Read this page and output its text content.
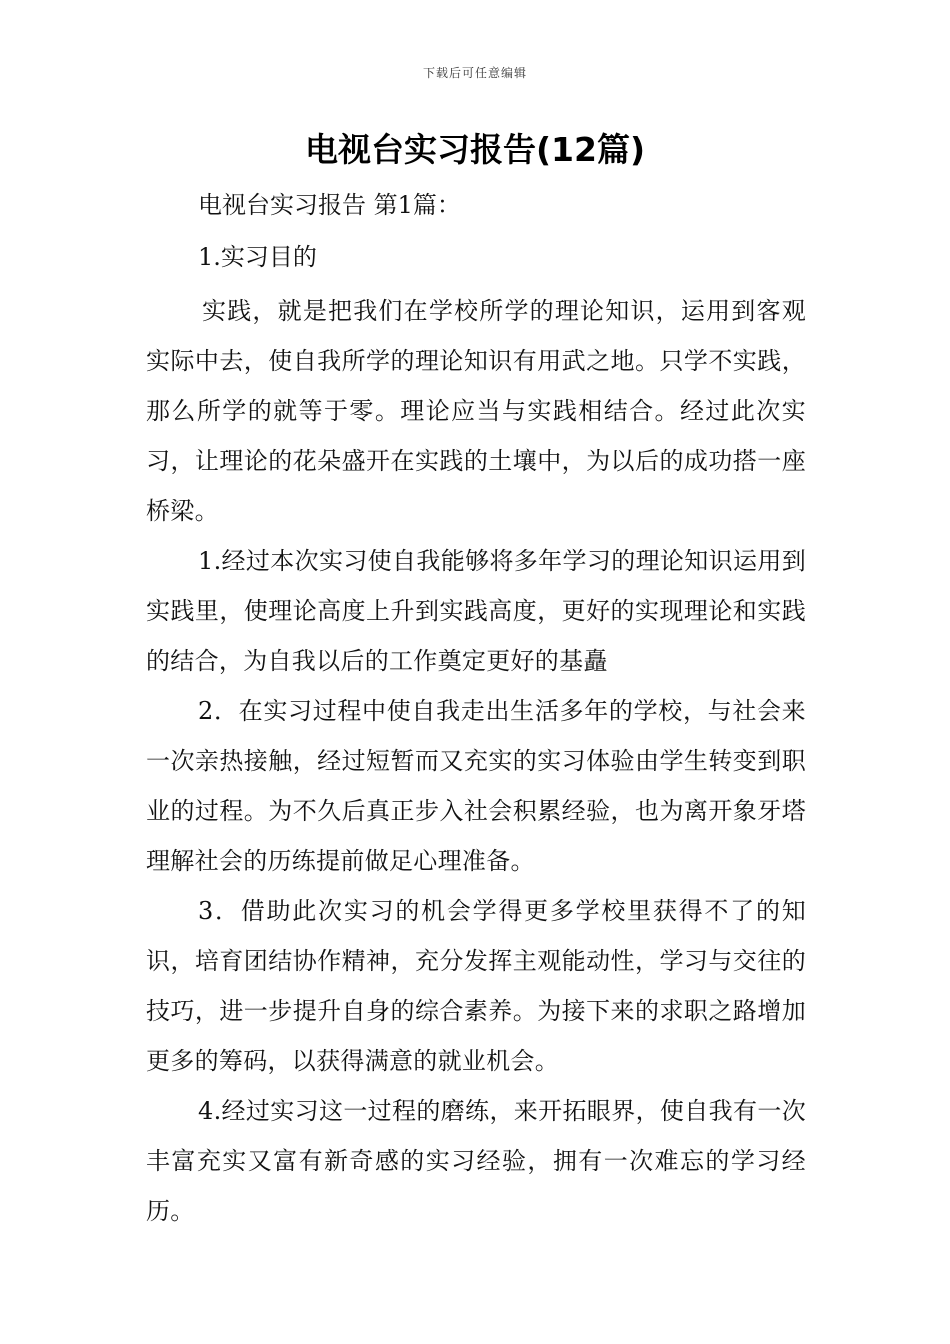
下载后可任意编辑
电视台实习报告(12篇)

电视台实习报告 第1篇：

1.实习目的

实践，就是把我们在学校所学的理论知识，运用到客观实际中去，使自我所学的理论知识有用武之地。只学不实践，那么所学的就等于零。理论应当与实践相结合。经过此次实习，让理论的花朵盛开在实践的土壤中，为以后的成功搭一座桥梁。

1.经过本次实习使自我能够将多年学习的理论知识运用到实践里，使理论高度上升到实践高度，更好的实现理论和实践的结合，为自我以后的工作奠定更好的基矗

2．在实习过程中使自我走出生活多年的学校，与社会来一次亲热接触，经过短暂而又充实的实习体验由学生转变到职业的过程。为不久后真正步入社会积累经验，也为离开象牙塔理解社会的历练提前做足心理准备。

3．借助此次实习的机会学得更多学校里获得不了的知识，培育团结协作精神，充分发挥主观能动性，学习与交往的技巧，进一步提升自身的综合素养。为接下来的求职之路增加更多的筹码，以获得满意的就业机会。

4.经过实习这一过程的磨练，来开拓眼界，使自我有一次丰富充实又富有新奇感的实习经验，拥有一次难忘的学习经历。
